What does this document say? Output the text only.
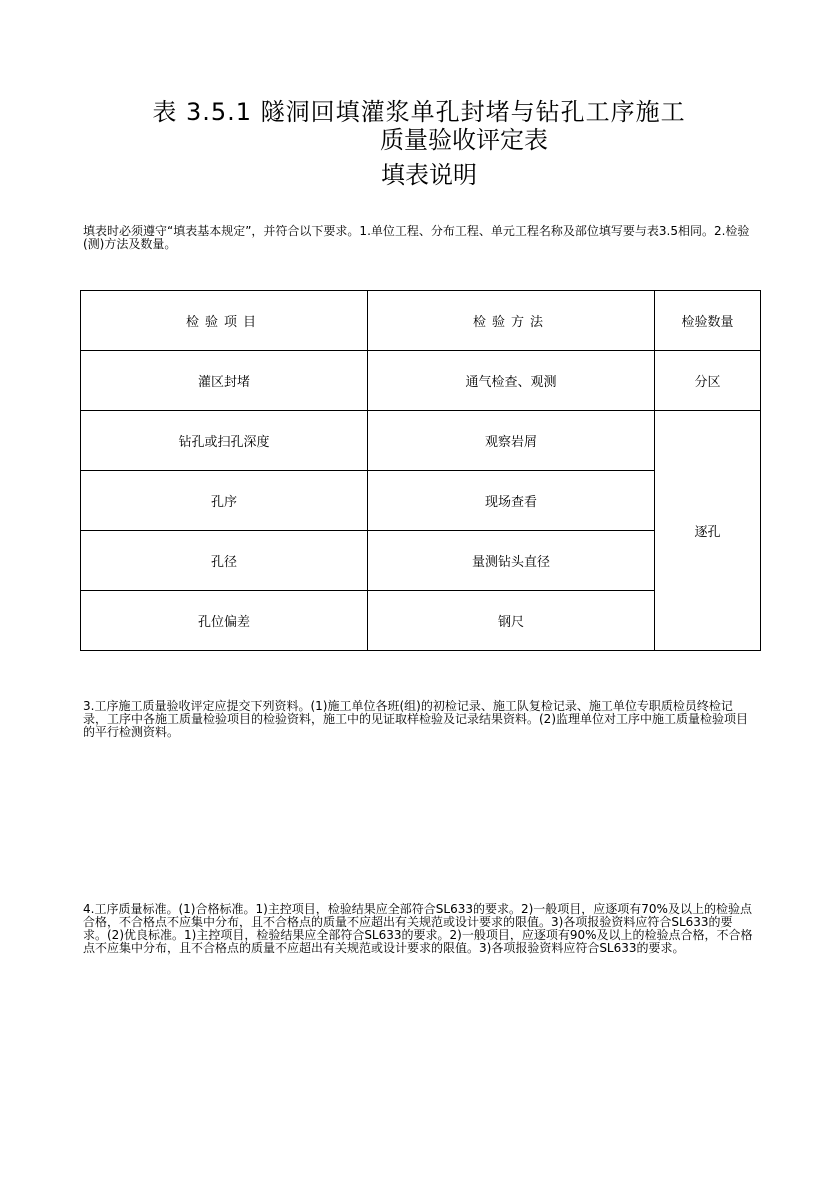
表 3.5.1 隧洞回填灌浆单孔封堵与钻孔工序施工
质量验收评定表
填表说明
填表时必须遵守“填表基本规定”，并符合以下要求。1.单位工程、分布工程、单元工程名称及部位填写要与表3.5相同。2.检验(测)方法及数量。
检验项目	检验方法	检验数量
灌区封堵	通气检查、观测	分区
钻孔或扫孔深度	观察岩屑	逐孔
孔序	现场查看	
孔径	量测钻头直径	
孔位偏差	钢尺	
3.工序施工质量验收评定应提交下列资料。(1)施工单位各班(组)的初检记录、施工队复检记录、施工单位专职质检员终检记录，工序中各施工质量检验项目的检验资料，施工中的见证取样检验及记录结果资料。(2)监理单位对工序中施工质量检验项目的平行检测资料。
4.工序质量标准。(1)合格标准。1)主控项目，检验结果应全部符合SL633的要求。2)一般项目，应逐项有70%及以上的检验点合格，不合格点不应集中分布，且不合格点的质量不应超出有关规范或设计要求的限值。3)各项报验资料应符合SL633的要求。(2)优良标准。1)主控项目，检验结果应全部符合SL633的要求。2)一般项目，应逐项有90%及以上的检验点合格，不合格点不应集中分布，且不合格点的质量不应超出有关规范或设计要求的限值。3)各项报验资料应符合SL633的要求。
